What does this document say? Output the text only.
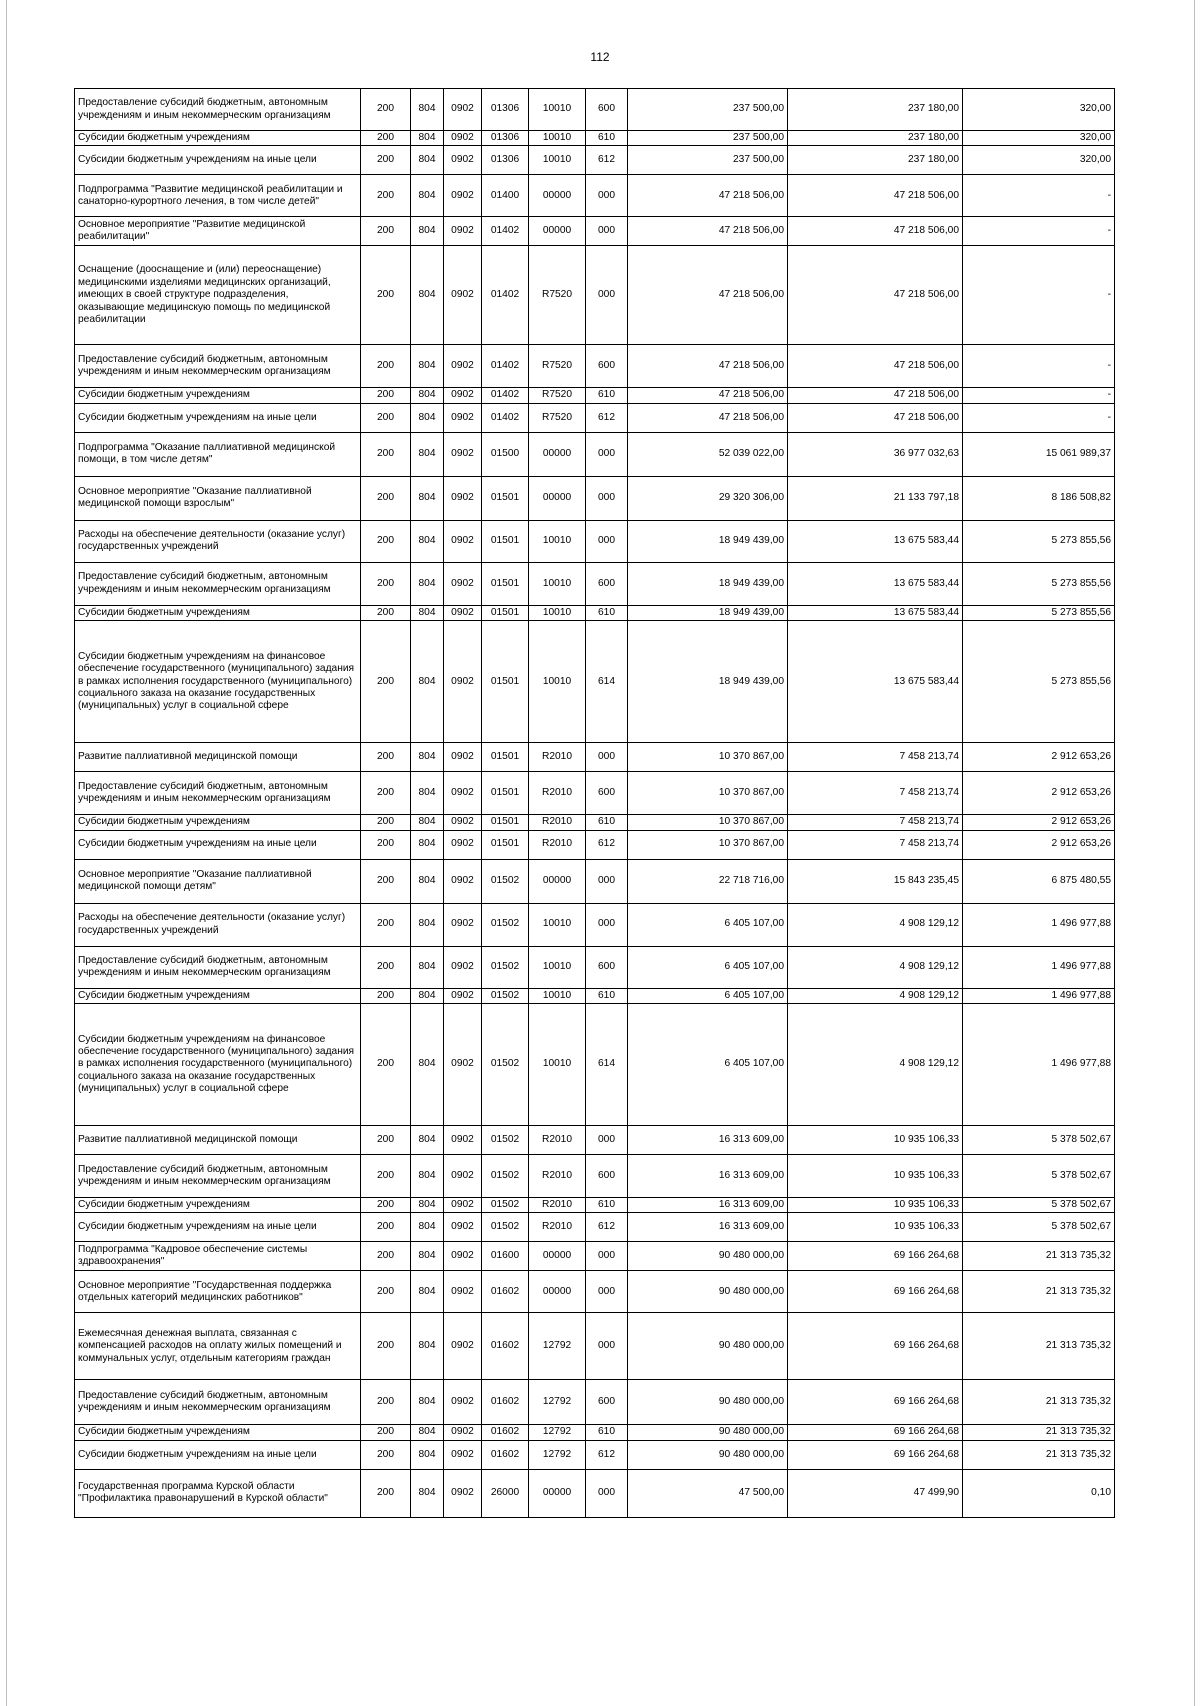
112
Предоставление субсидий бюджетным, автономным учреждениям и иным некоммерческим организациям	200	804	0902	01306	10010	600	237 500,00	237 180,00	320,00
Субсидии бюджетным учреждениям	200	804	0902	01306	10010	610	237 500,00	237 180,00	320,00
Субсидии бюджетным учреждениям на иные цели	200	804	0902	01306	10010	612	237 500,00	237 180,00	320,00
Подпрограмма "Развитие медицинской реабилитации и санаторно-курортного лечения, в том числе детей"	200	804	0902	01400	00000	000	47 218 506,00	47 218 506,00	-
Основное мероприятие "Развитие медицинской реабилитации"	200	804	0902	01402	00000	000	47 218 506,00	47 218 506,00	-
Оснащение (дооснащение и (или) переоснащение) медицинскими изделиями медицинских организаций, имеющих в своей структуре подразделения, оказывающие медицинскую помощь по медицинской реабилитации	200	804	0902	01402	R7520	000	47 218 506,00	47 218 506,00	-
Предоставление субсидий бюджетным, автономным учреждениям и иным некоммерческим организациям	200	804	0902	01402	R7520	600	47 218 506,00	47 218 506,00	-
Субсидии бюджетным учреждениям	200	804	0902	01402	R7520	610	47 218 506,00	47 218 506,00	-
Субсидии бюджетным учреждениям на иные цели	200	804	0902	01402	R7520	612	47 218 506,00	47 218 506,00	-
Подпрограмма "Оказание паллиативной медицинской помощи, в том числе детям"	200	804	0902	01500	00000	000	52 039 022,00	36 977 032,63	15 061 989,37
Основное мероприятие "Оказание паллиативной медицинской помощи взрослым"	200	804	0902	01501	00000	000	29 320 306,00	21 133 797,18	8 186 508,82
Расходы на обеспечение деятельности (оказание услуг) государственных учреждений	200	804	0902	01501	10010	000	18 949 439,00	13 675 583,44	5 273 855,56
Предоставление субсидий бюджетным, автономным учреждениям и иным некоммерческим организациям	200	804	0902	01501	10010	600	18 949 439,00	13 675 583,44	5 273 855,56
Субсидии бюджетным учреждениям	200	804	0902	01501	10010	610	18 949 439,00	13 675 583,44	5 273 855,56
Субсидии бюджетным учреждениям на финансовое обеспечение государственного (муниципального) задания в рамках исполнения государственного (муниципального) социального заказа на оказание государственных (муниципальных) услуг в социальной сфере	200	804	0902	01501	10010	614	18 949 439,00	13 675 583,44	5 273 855,56
Развитие паллиативной медицинской помощи	200	804	0902	01501	R2010	000	10 370 867,00	7 458 213,74	2 912 653,26
Предоставление субсидий бюджетным, автономным учреждениям и иным некоммерческим организациям	200	804	0902	01501	R2010	600	10 370 867,00	7 458 213,74	2 912 653,26
Субсидии бюджетным учреждениям	200	804	0902	01501	R2010	610	10 370 867,00	7 458 213,74	2 912 653,26
Субсидии бюджетным учреждениям на иные цели	200	804	0902	01501	R2010	612	10 370 867,00	7 458 213,74	2 912 653,26
Основное мероприятие "Оказание паллиативной медицинской помощи детям"	200	804	0902	01502	00000	000	22 718 716,00	15 843 235,45	6 875 480,55
Расходы на обеспечение деятельности (оказание услуг) государственных учреждений	200	804	0902	01502	10010	000	6 405 107,00	4 908 129,12	1 496 977,88
Предоставление субсидий бюджетным, автономным учреждениям и иным некоммерческим организациям	200	804	0902	01502	10010	600	6 405 107,00	4 908 129,12	1 496 977,88
Субсидии бюджетным учреждениям	200	804	0902	01502	10010	610	6 405 107,00	4 908 129,12	1 496 977,88
Субсидии бюджетным учреждениям на финансовое обеспечение государственного (муниципального) задания в рамках исполнения государственного (муниципального) социального заказа на оказание государственных (муниципальных) услуг в социальной сфере	200	804	0902	01502	10010	614	6 405 107,00	4 908 129,12	1 496 977,88
Развитие паллиативной медицинской помощи	200	804	0902	01502	R2010	000	16 313 609,00	10 935 106,33	5 378 502,67
Предоставление субсидий бюджетным, автономным учреждениям и иным некоммерческим организациям	200	804	0902	01502	R2010	600	16 313 609,00	10 935 106,33	5 378 502,67
Субсидии бюджетным учреждениям	200	804	0902	01502	R2010	610	16 313 609,00	10 935 106,33	5 378 502,67
Субсидии бюджетным учреждениям на иные цели	200	804	0902	01502	R2010	612	16 313 609,00	10 935 106,33	5 378 502,67
Подпрограмма "Кадровое обеспечение системы здравоохранения"	200	804	0902	01600	00000	000	90 480 000,00	69 166 264,68	21 313 735,32
Основное мероприятие "Государственная поддержка отдельных категорий медицинских работников"	200	804	0902	01602	00000	000	90 480 000,00	69 166 264,68	21 313 735,32
Ежемесячная денежная выплата, связанная с компенсацией расходов на оплату жилых помещений и коммунальных услуг, отдельным категориям граждан	200	804	0902	01602	12792	000	90 480 000,00	69 166 264,68	21 313 735,32
Предоставление субсидий бюджетным, автономным учреждениям и иным некоммерческим организациям	200	804	0902	01602	12792	600	90 480 000,00	69 166 264,68	21 313 735,32
Субсидии бюджетным учреждениям	200	804	0902	01602	12792	610	90 480 000,00	69 166 264,68	21 313 735,32
Субсидии бюджетным учреждениям на иные цели	200	804	0902	01602	12792	612	90 480 000,00	69 166 264,68	21 313 735,32
Государственная программа Курской области "Профилактика правонарушений в Курской области"	200	804	0902	26000	00000	000	47 500,00	47 499,90	0,10
